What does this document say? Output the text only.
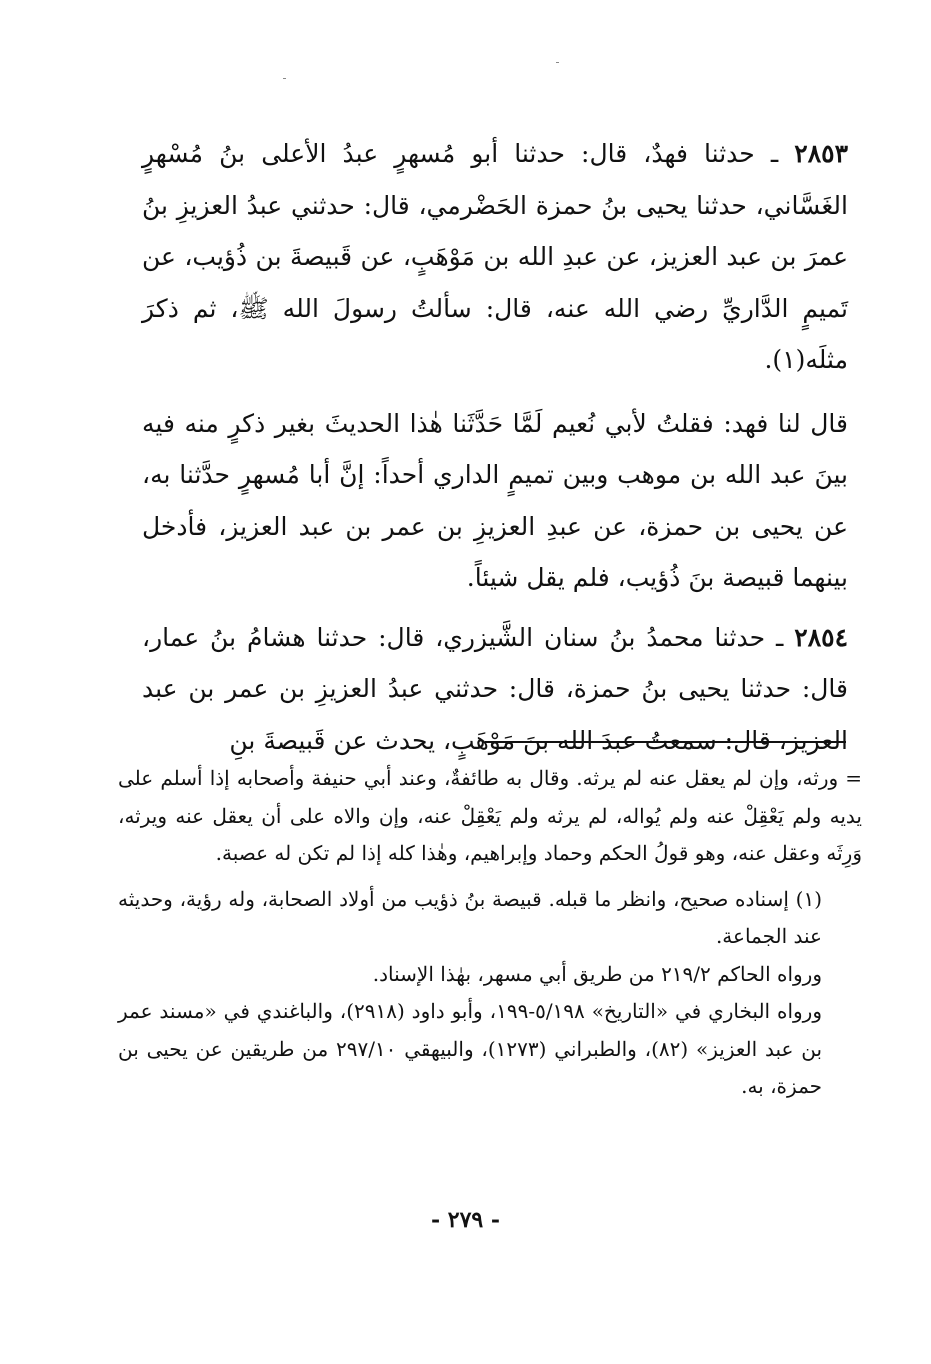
٢٨٥٣ ـ حدثنا فهدٌ، قال: حدثنا أبو مُسهرٍ عبدُ الأعلى بنُ مُسْهرٍ الغَسَّاني، حدثنا يحيى بنُ حمزة الحَضْرمي، قال: حدثني عبدُ العزيزِ بنُ عمرَ بن عبد العزيز، عن عبدِ الله بن مَوْهَبٍ، عن قَبيصةَ بن ذُؤيب، عن تَميمٍ الدَّاريِّ رضي الله عنه، قال: سألتُ رسولَ الله ﷺ، ثم ذكرَ مثلَه(١).

قال لنا فهد: فقلتُ لأبي نُعيم لَمَّا حَدَّثَنا هٰذا الحديثَ بغير ذكرٍ منه فيه بينَ عبد الله بن موهب وبين تميمٍ الداري أحداً: إنَّ أبا مُسهرٍ حدَّثنا به، عن يحيى بن حمزة، عن عبدِ العزيزِ بن عمر بن عبد العزيز، فأدخل بينهما قبيصة بنَ ذُؤيب، فلم يقل شيئاً.

٢٨٥٤ ـ حدثنا محمدُ بنُ سنان الشَّيزري، قال: حدثنا هشامُ بنُ عمار، قال: حدثنا يحيى بنُ حمزة، قال: حدثني عبدُ العزيزِ بن عمر بن عبد العزيز، قال: سمعتُ عبدَ الله بنَ مَوْهَبٍ، يحدث عن قَبيصةَ بنِ

= ورثه، وإن لم يعقل عنه لم يرثه. وقال به طائفةٌ، وعند أبي حنيفة وأصحابه إذا أسلم على يديه ولم يَعْقِلْ عنه ولم يُواله، لم يرثه ولم يَعْقِلْ عنه، وإن والاه على أن يعقل عنه ويرثه، وَرِثَه وعقل عنه، وهو قولُ الحكم وحماد وإبراهيم، وهٰذا كله إذا لم تكن له عصبة.

(١) إسناده صحيح، وانظر ما قبله. قبيصة بنُ ذؤيب من أولاد الصحابة، وله رؤية، وحديثه عند الجماعة.

ورواه الحاكم ٢١٩/٢ من طريق أبي مسهر، بهٰذا الإسناد.

ورواه البخاري في «التاريخ» ٥/١٩٨-١٩٩، وأبو داود (٢٩١٨)، والباغندي في «مسند عمر بن عبد العزيز» (٨٢)، والطبراني (١٢٧٣)، والبيهقي ٢٩٧/١٠ من طريقين عن يحيى بن حمزة، به.

- ٢٧٩ -
